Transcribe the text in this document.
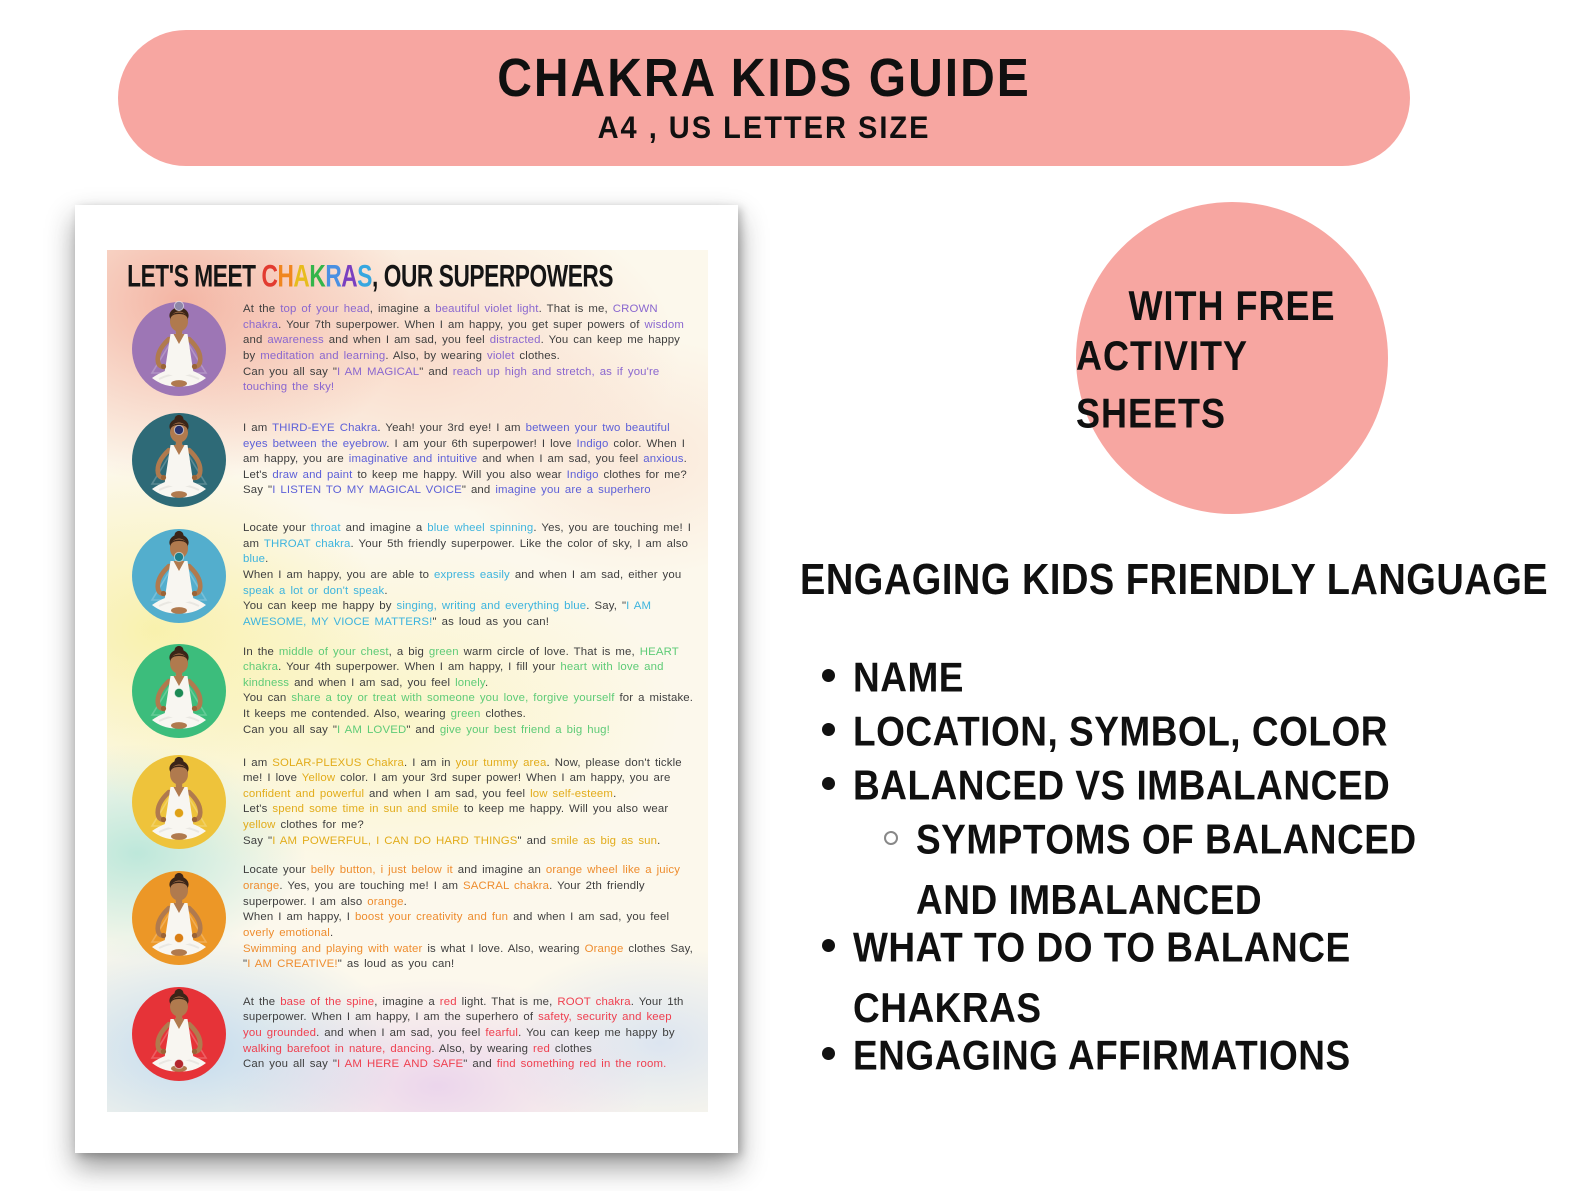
CHAKRA KIDS GUIDE
A4 , US LETTER SIZE
LET'S MEET CHAKRAS, OUR SUPERPOWERS
At the top of your head, imagine a beautiful violet light. That is me, CROWN chakra. Your 7th superpower. When I am happy, you get super powers of wisdom and awareness and when I am sad, you feel distracted. You can keep me happy by meditation and learning. Also, by wearing violet clothes.
Can you all say "I AM MAGICAL" and reach up high and stretch, as if you're touching the sky!
I am THIRD-EYE Chakra. Yeah! your 3rd eye! I am between your two beautiful eyes between the eyebrow. I am your 6th superpower! I love Indigo color. When I am happy, you are imaginative and intuitive and when I am sad, you feel anxious.
Let's draw and paint to keep me happy. Will you also wear Indigo clothes for me?
Say "I LISTEN TO MY MAGICAL VOICE" and imagine you are a superhero
Locate your throat and imagine a blue wheel spinning. Yes, you are touching me! I am THROAT chakra. Your 5th friendly superpower. Like the color of sky, I am also blue.
When I am happy, you are able to express easily and when I am sad, either you speak a lot or don't speak.
You can keep me happy by singing, writing and everything blue. Say, "I AM AWESOME, MY VIOCE MATTERS!" as loud as you can!
In the middle of your chest, a big green warm circle of love. That is me, HEART chakra. Your 4th superpower. When I am happy, I fill your heart with love and kindness and when I am sad, you feel lonely.
You can share a toy or treat with someone you love, forgive yourself for a mistake. It keeps me contended. Also, wearing green clothes.
Can you all say "I AM LOVED" and give your best friend a big hug!
I am SOLAR-PLEXUS Chakra. I am in your tummy area. Now, please don't tickle me! I love Yellow color. I am your 3rd super power! When I am happy, you are confident and powerful and when I am sad, you feel low self-esteem.
Let's spend some time in sun and smile to keep me happy. Will you also wear yellow clothes for me?
Say "I AM POWERFUL, I CAN DO HARD THINGS" and smile as big as sun.
Locate your belly button, i just below it and imagine an orange wheel like a juicy orange. Yes, you are touching me! I am SACRAL chakra. Your 2th friendly superpower. I am also orange.
When I am happy, I boost your creativity and fun and when I am sad, you feel overly emotional.
Swimming and playing with water is what I love. Also, wearing Orange clothes Say, "I AM CREATIVE!" as loud as you can!
At the base of the spine, imagine a red light. That is me, ROOT chakra. Your 1th superpower. When I am happy, I am the superhero of safety, security and keep you grounded. and when I am sad, you feel fearful. You can keep me happy by walking barefoot in nature, dancing. Also, by wearing red clothes
Can you all say "I AM HERE AND SAFE" and find something red in the room.
WITH FREE
ACTIVITY SHEETS
ENGAGING KIDS FRIENDLY LANGUAGE
NAME
LOCATION, SYMBOL, COLOR
BALANCED VS IMBALANCED
SYMPTOMS OF BALANCED
AND IMBALANCED
WHAT TO DO TO BALANCE
CHAKRAS
ENGAGING AFFIRMATIONS
